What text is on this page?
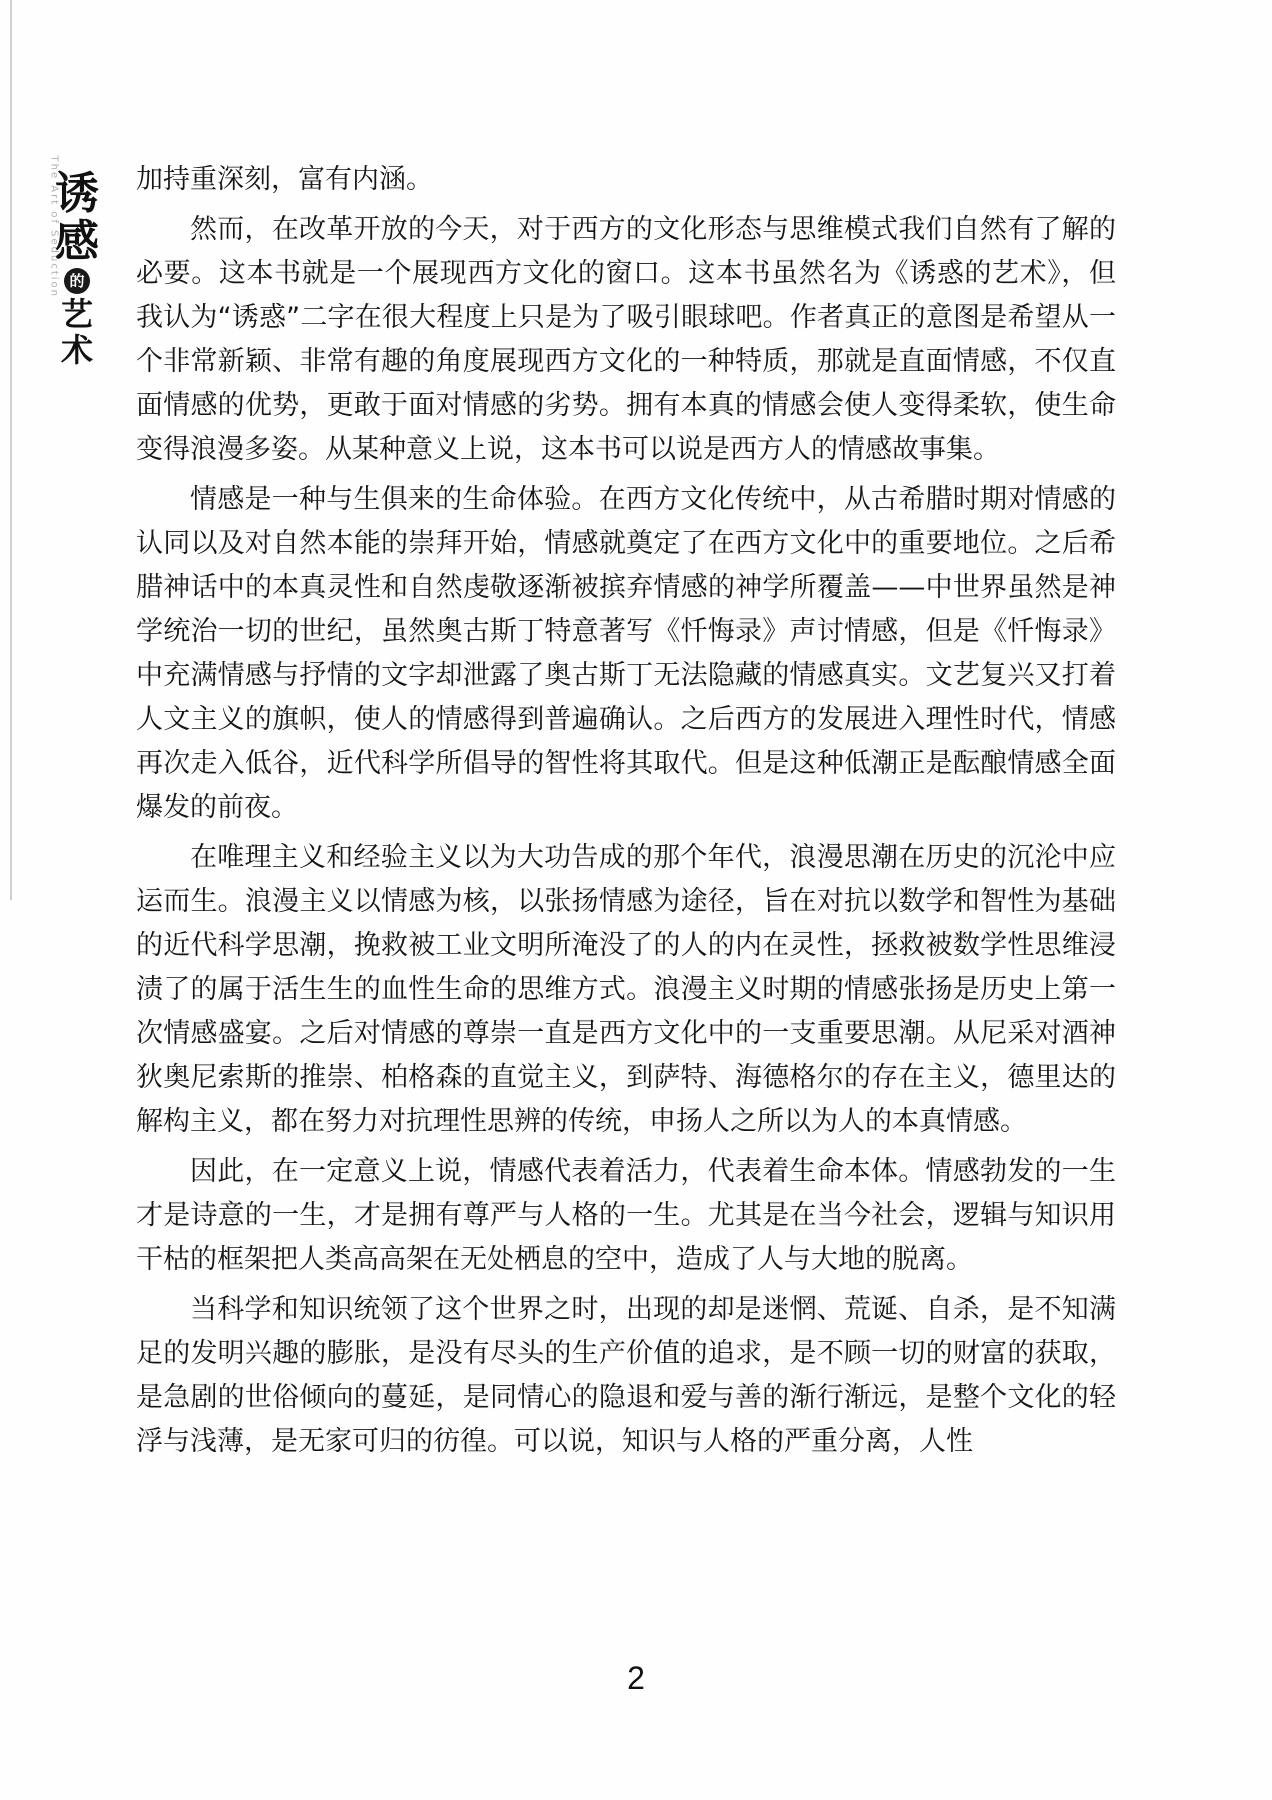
The Art of Seduction
诱
感
的
艺
术

加持重深刻，富有内涵。

然而，在改革开放的今天，对于西方的文化形态与思维模式我们自然有了解的必要。这本书就是一个展现西方文化的窗口。这本书虽然名为《诱惑的艺术》，但我认为“诱惑”二字在很大程度上只是为了吸引眼球吧。作者真正的意图是希望从一个非常新颖、非常有趣的角度展现西方文化的一种特质，那就是直面情感，不仅直面情感的优势，更敢于面对情感的劣势。拥有本真的情感会使人变得柔软，使生命变得浪漫多姿。从某种意义上说，这本书可以说是西方人的情感故事集。

情感是一种与生俱来的生命体验。在西方文化传统中，从古希腊时期对情感的认同以及对自然本能的崇拜开始，情感就奠定了在西方文化中的重要地位。之后希腊神话中的本真灵性和自然虔敬逐渐被摈弃情感的神学所覆盖——中世界虽然是神学统治一切的世纪，虽然奥古斯丁特意著写《忏悔录》声讨情感，但是《忏悔录》中充满情感与抒情的文字却泄露了奥古斯丁无法隐藏的情感真实。文艺复兴又打着人文主义的旗帜，使人的情感得到普遍确认。之后西方的发展进入理性时代，情感再次走入低谷，近代科学所倡导的智性将其取代。但是这种低潮正是酝酿情感全面爆发的前夜。

在唯理主义和经验主义以为大功告成的那个年代，浪漫思潮在历史的沉沦中应运而生。浪漫主义以情感为核，以张扬情感为途径，旨在对抗以数学和智性为基础的近代科学思潮，挽救被工业文明所淹没了的人的内在灵性，拯救被数学性思维浸渍了的属于活生生的血性生命的思维方式。浪漫主义时期的情感张扬是历史上第一次情感盛宴。之后对情感的尊崇一直是西方文化中的一支重要思潮。从尼采对酒神狄奥尼索斯的推崇、柏格森的直觉主义，到萨特、海德格尔的存在主义，德里达的解构主义，都在努力对抗理性思辨的传统，申扬人之所以为人的本真情感。

因此，在一定意义上说，情感代表着活力，代表着生命本体。情感勃发的一生才是诗意的一生，才是拥有尊严与人格的一生。尤其是在当今社会，逻辑与知识用干枯的框架把人类高高架在无处栖息的空中，造成了人与大地的脱离。

当科学和知识统领了这个世界之时，出现的却是迷惘、荒诞、自杀，是不知满足的发明兴趣的膨胀，是没有尽头的生产价值的追求，是不顾一切的财富的获取，是急剧的世俗倾向的蔓延，是同情心的隐退和爱与善的渐行渐远，是整个文化的轻浮与浅薄，是无家可归的彷徨。可以说，知识与人格的严重分离，人性

2
